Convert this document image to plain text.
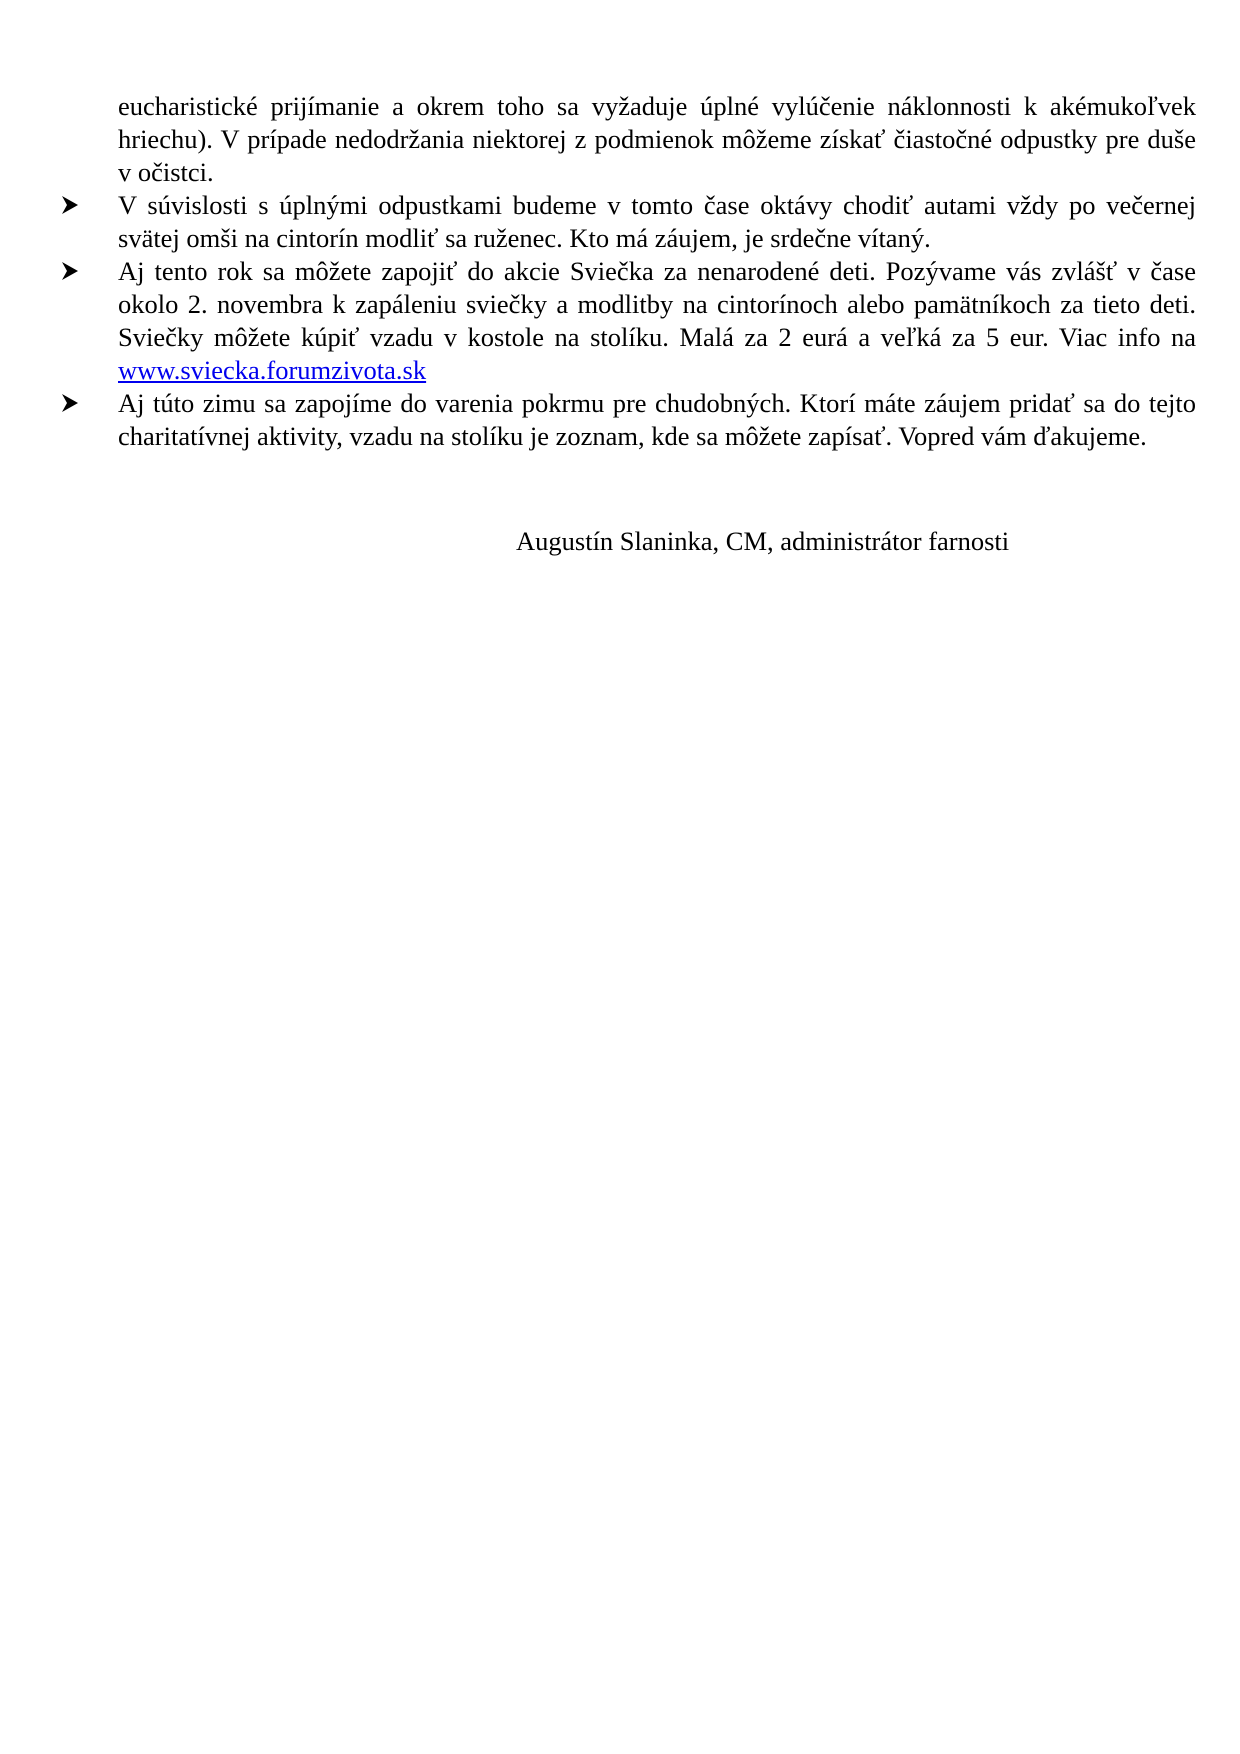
eucharistické prijímanie a okrem toho sa vyžaduje úplné vylúčenie náklonnosti k akémukoľvek hriechu). V prípade nedodržania niektorej z podmienok môžeme získať čiastočné odpustky pre duše v očistci.

V súvislosti s úplnými odpustkami budeme v tomto čase oktávy chodiť autami vždy po večernej svätej omši na cintorín modliť sa ruženec. Kto má záujem, je srdečne vítaný.
Aj tento rok sa môžete zapojiť do akcie Sviečka za nenarodené deti. Pozývame vás zvlášť v čase okolo 2. novembra k zapáleniu sviečky a modlitby na cintorínoch alebo pamätníkoch za tieto deti. Sviečky môžete kúpiť vzadu v kostole na stolíku. Malá za 2 eurá a veľká za 5 eur. Viac info na www.sviecka.forumzivota.sk
Aj túto zimu sa zapojíme do varenia pokrmu pre chudobných. Ktorí máte záujem pridať sa do tejto charitatívnej aktivity, vzadu na stolíku je zoznam, kde sa môžete zapísať. Vopred vám ďakujeme.

Augustín Slaninka, CM, administrátor farnosti
